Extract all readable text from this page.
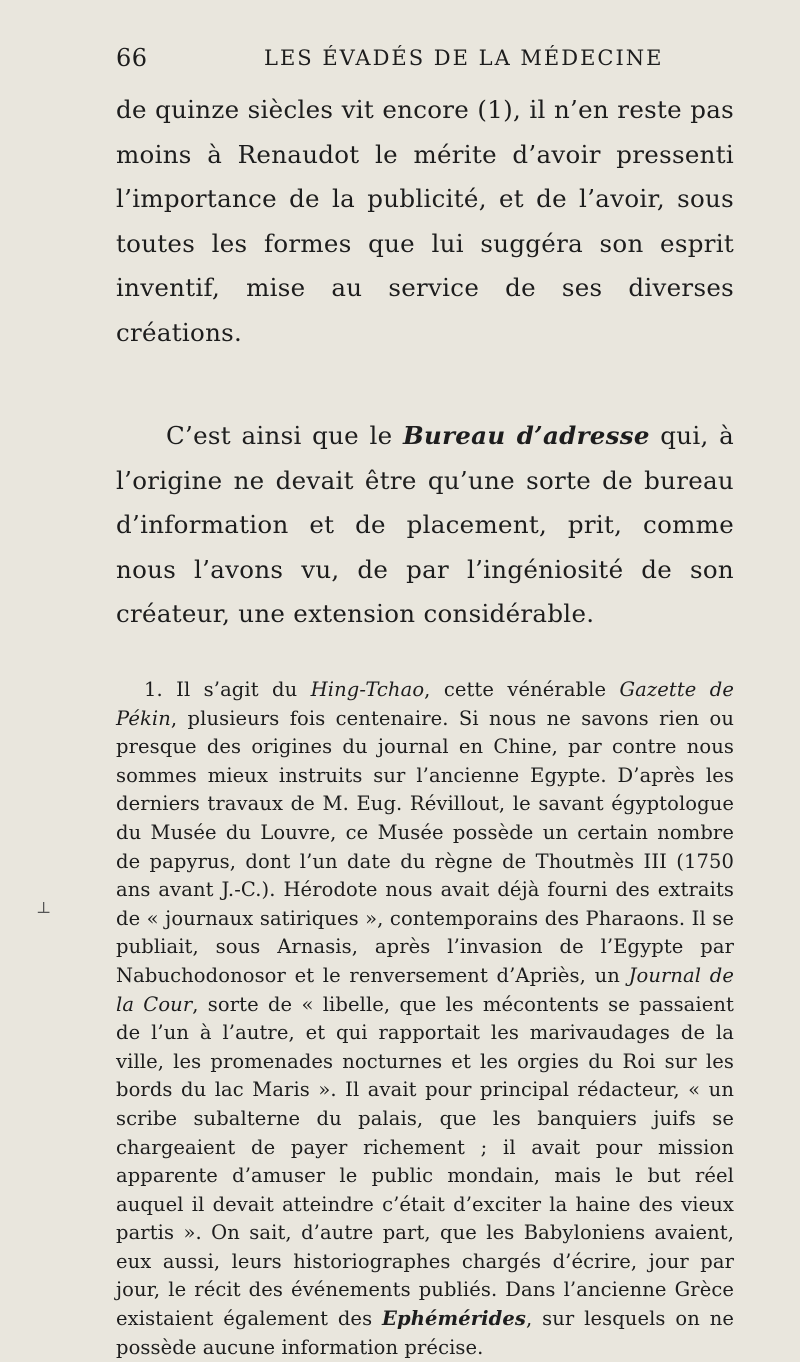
66	LES ÉVADÉS DE LA MÉDECINE

de quinze siècles vit encore (1), il n’en reste pas moins à Renaudot le mérite d’avoir pressenti l’importance de la publicité, et de l’avoir, sous toutes les formes que lui suggéra son esprit inventif, mise au service de ses diverses créations.

C’est ainsi que le Bureau d’adresse qui, à l’origine ne devait être qu’une sorte de bureau d’information et de placement, prit, comme nous l’avons vu, de par l’ingéniosité de son créateur, une extension considérable.

1. Il s’agit du Hing-Tchao, cette vénérable Gazette de Pékin, plusieurs fois centenaire. Si nous ne savons rien ou presque des origines du journal en Chine, par contre nous sommes mieux instruits sur l’ancienne Egypte. D’après les derniers travaux de M. Eug. Révillout, le savant égyptologue du Musée du Louvre, ce Musée possède un certain nombre de papyrus, dont l’un date du règne de Thoutmès III (1750 ans avant J.-C.). Hérodote nous avait déjà fourni des extraits de « journaux satiriques », contemporains des Pharaons. Il se publiait, sous Arnasis, après l’invasion de l’Egypte par Nabuchodonosor et le renversement d’Apriès, un Journal de la Cour, sorte de « libelle, que les mécontents se passaient de l’un à l’autre, et qui rapportait les marivaudages de la ville, les promenades nocturnes et les orgies du Roi sur les bords du lac Maris ». Il avait pour principal rédacteur, « un scribe subalterne du palais, que les banquiers juifs se chargeaient de payer richement ; il avait pour mission apparente d’amuser le public mondain, mais le but réel auquel il devait atteindre c’était d’exciter la haine des vieux partis ». On sait, d’autre part, que les Babyloniens avaient, eux aussi, leurs historiographes chargés d’écrire, jour par jour, le récit des événements publiés. Dans l’ancienne Grèce existaient également des Ephémérides, sur lesquels on ne possède aucune information précise.

⊥
